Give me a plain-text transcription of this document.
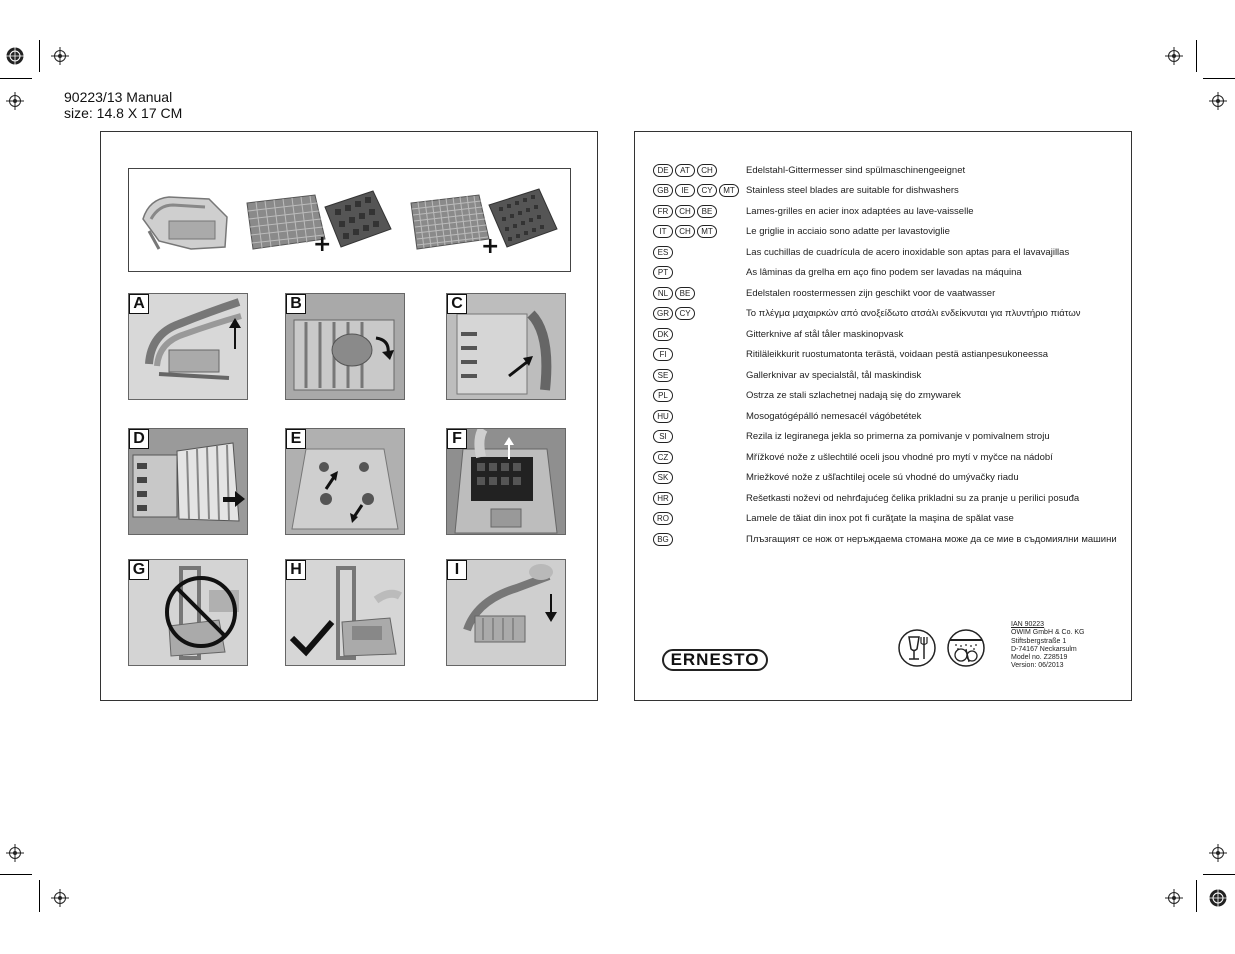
90223/13 Manual
size: 14.8 X 17 CM
+	+
A	B	C
D	E	F
G	H	I
DE	AT	CH	Edelstahl-Gittermesser sind spülmaschinengeeignet
GB	IE	CY	MT	Stainless steel blades are suitable for dishwashers
FR	CH	BE	Lames-grilles en acier inox adaptées au lave-vaisselle
IT	CH	MT	Le griglie in acciaio sono adatte per lavastoviglie
ES	Las cuchillas de cuadrícula de acero inoxidable son aptas para el lavavajillas
PT	As lâminas da grelha em aço fino podem ser lavadas na máquina
NL	BE	Edelstalen roostermessen zijn geschikt voor de vaatwasser
GR	CY	Το πλέγμα μαχαιρκών από ανοξείδωτο ατσάλι ενδείκνυται για πλυντήριο πιάτων
DK	Gitterknive af stål tåler maskinopvask
FI	Ritiläleikkurit ruostumatonta terästä, voidaan pestä astianpesukoneessa
SE	Gallerknivar av specialstål, tål maskindisk
PL	Ostrza ze stali szlachetnej nadają się do zmywarek
HU	Mosogatógépálló nemesacél vágóbetétek
SI	Rezila iz legiranega jekla so primerna za pomivanje v pomivalnem stroju
CZ	Mřížkové nože z ušlechtilé oceli jsou vhodné pro mytí v myčce na nádobí
SK	Mriežkové nože z ušľachtilej ocele sú vhodné do umývačky riadu
HR	Rešetkasti noževi od nehrđajućeg čelika prikladni su za pranje u perilici posuđa
RO	Lamele de tăiat din inox pot fi curăţate la maşina de spălat vase
BG	Плъзгащият се нож от неръждаема стомана може да се мие в съдомиялни машини
ERNESTO
IAN 90223
OWIM GmbH & Co. KG
Stiftsbergstraße 1
D-74167 Neckarsulm
Model no. Z28519
Version: 06/2013
